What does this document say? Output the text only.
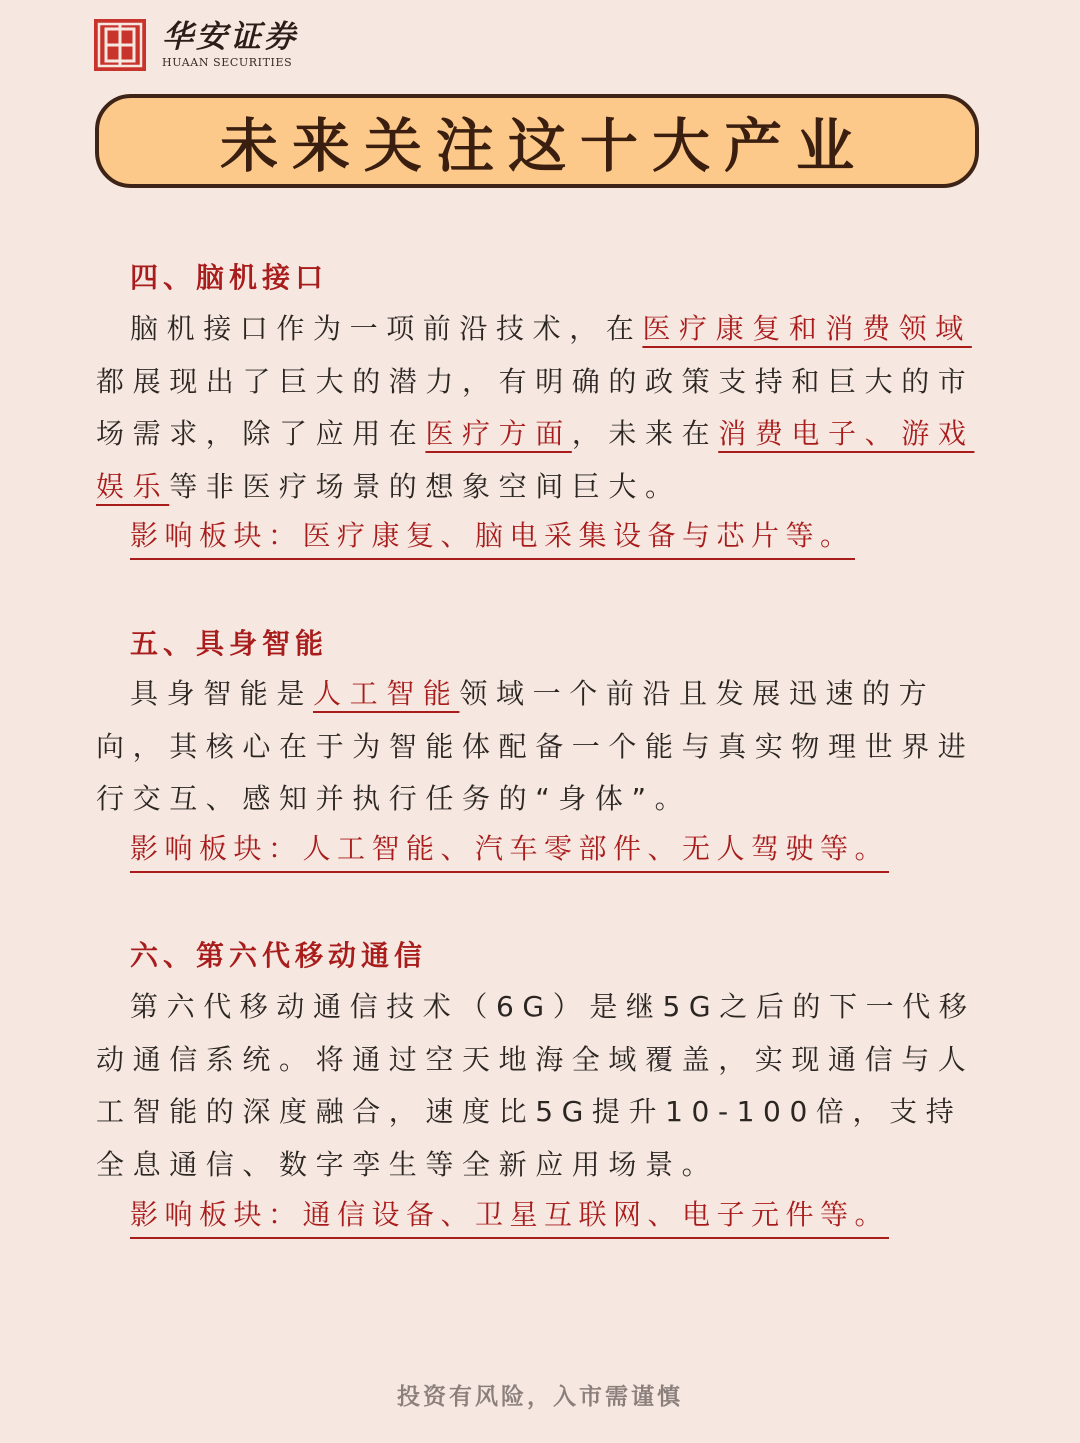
华安证券
HUAAN SECURITIES
未来关注这十大产业
四、脑机接口

脑机接口作为一项前沿技术，在医疗康复和消费领域都展现出了巨大的潜力，有明确的政策支持和巨大的市场需求，除了应用在医疗方面，未来在消费电子、游戏娱乐等非医疗场景的想象空间巨大。

影响板块：医疗康复、脑电采集设备与芯片等。
五、具身智能

具身智能是人工智能领域一个前沿且发展迅速的方向，其核心在于为智能体配备一个能与真实物理世界进行交互、感知并执行任务的“身体”。

影响板块：人工智能、汽车零部件、无人驾驶等。
六、第六代移动通信

第六代移动通信技术（6G）是继5G之后的下一代移动通信系统。将通过空天地海全域覆盖，实现通信与人工智能的深度融合，速度比5G提升10-100倍，支持全息通信、数字孪生等全新应用场景。

影响板块：通信设备、卫星互联网、电子元件等。
投资有风险，入市需谨慎
